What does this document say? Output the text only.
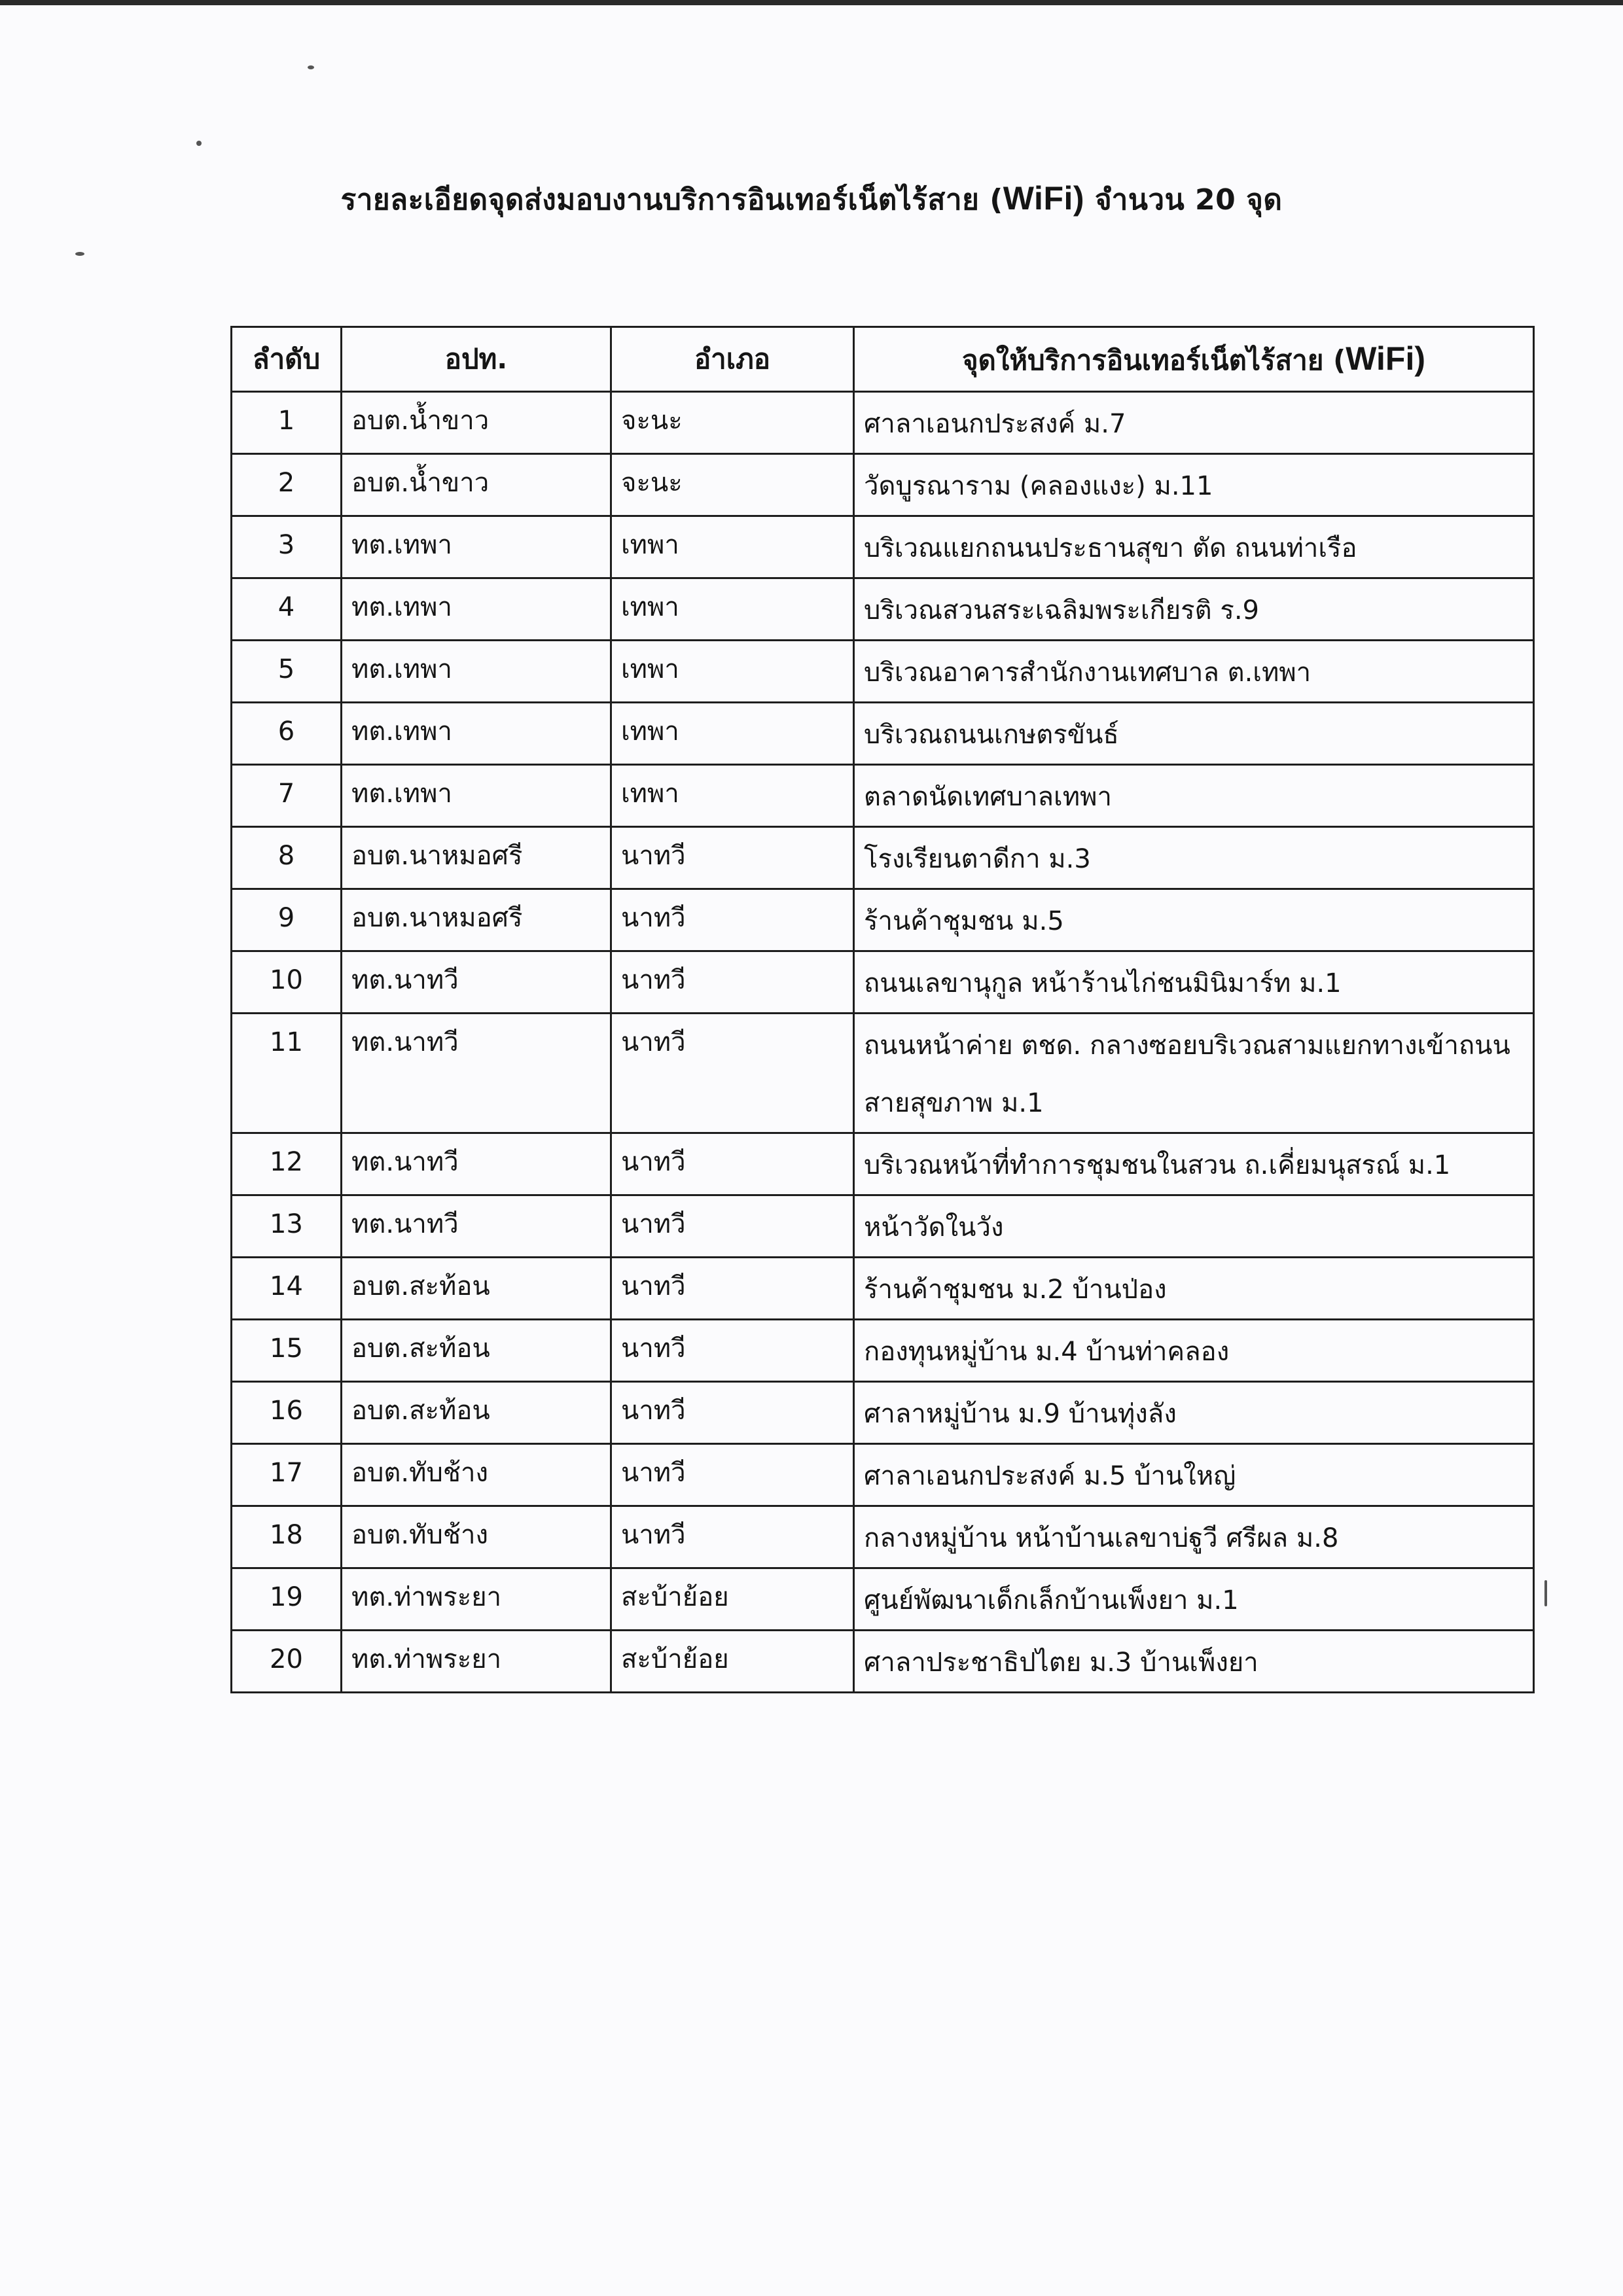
รายละเอียดจุดส่งมอบงานบริการอินเทอร์เน็ตไร้สาย (WiFi) จำนวน 20 จุด
ลำดับ	อปท.	อำเภอ	จุดให้บริการอินเทอร์เน็ตไร้สาย (WiFi)
1	อบต.น้ำขาว	จะนะ	ศาลาเอนกประสงค์ ม.7
2	อบต.น้ำขาว	จะนะ	วัดบูรณาราม (คลองแงะ) ม.11
3	ทต.เทพา	เทพา	บริเวณแยกถนนประธานสุขา ตัด ถนนท่าเรือ
4	ทต.เทพา	เทพา	บริเวณสวนสระเฉลิมพระเกียรติ ร.9
5	ทต.เทพา	เทพา	บริเวณอาคารสำนักงานเทศบาล ต.เทพา
6	ทต.เทพา	เทพา	บริเวณถนนเกษตรขันธ์
7	ทต.เทพา	เทพา	ตลาดนัดเทศบาลเทพา
8	อบต.นาหมอศรี	นาทวี	โรงเรียนตาดีกา ม.3
9	อบต.นาหมอศรี	นาทวี	ร้านค้าชุมชน ม.5
10	ทต.นาทวี	นาทวี	ถนนเลขานุกูล หน้าร้านไก่ชนมินิมาร์ท ม.1
11	ทต.นาทวี	นาทวี	ถนนหน้าค่าย ตชด. กลางซอยบริเวณสามแยกทางเข้าถนนสายสุขภาพ ม.1
12	ทต.นาทวี	นาทวี	บริเวณหน้าที่ทำการชุมชนในสวน ถ.เคี่ยมนุสรณ์ ม.1
13	ทต.นาทวี	นาทวี	หน้าวัดในวัง
14	อบต.สะท้อน	นาทวี	ร้านค้าชุมชน ม.2 บ้านป่อง
15	อบต.สะท้อน	นาทวี	กองทุนหมู่บ้าน ม.4 บ้านท่าคลอง
16	อบต.สะท้อน	นาทวี	ศาลาหมู่บ้าน ม.9 บ้านทุ่งลัง
17	อบต.ทับช้าง	นาทวี	ศาลาเอนกประสงค์ ม.5 บ้านใหญ่
18	อบต.ทับช้าง	นาทวี	กลางหมู่บ้าน หน้าบ้านเลขาบ่ฐูวี ศรีผล ม.8
19	ทต.ท่าพระยา	สะบ้าย้อย	ศูนย์พัฒนาเด็กเล็กบ้านเพ็งยา ม.1
20	ทต.ท่าพระยา	สะบ้าย้อย	ศาลาประชาธิปไตย ม.3 บ้านเพ็งยา
